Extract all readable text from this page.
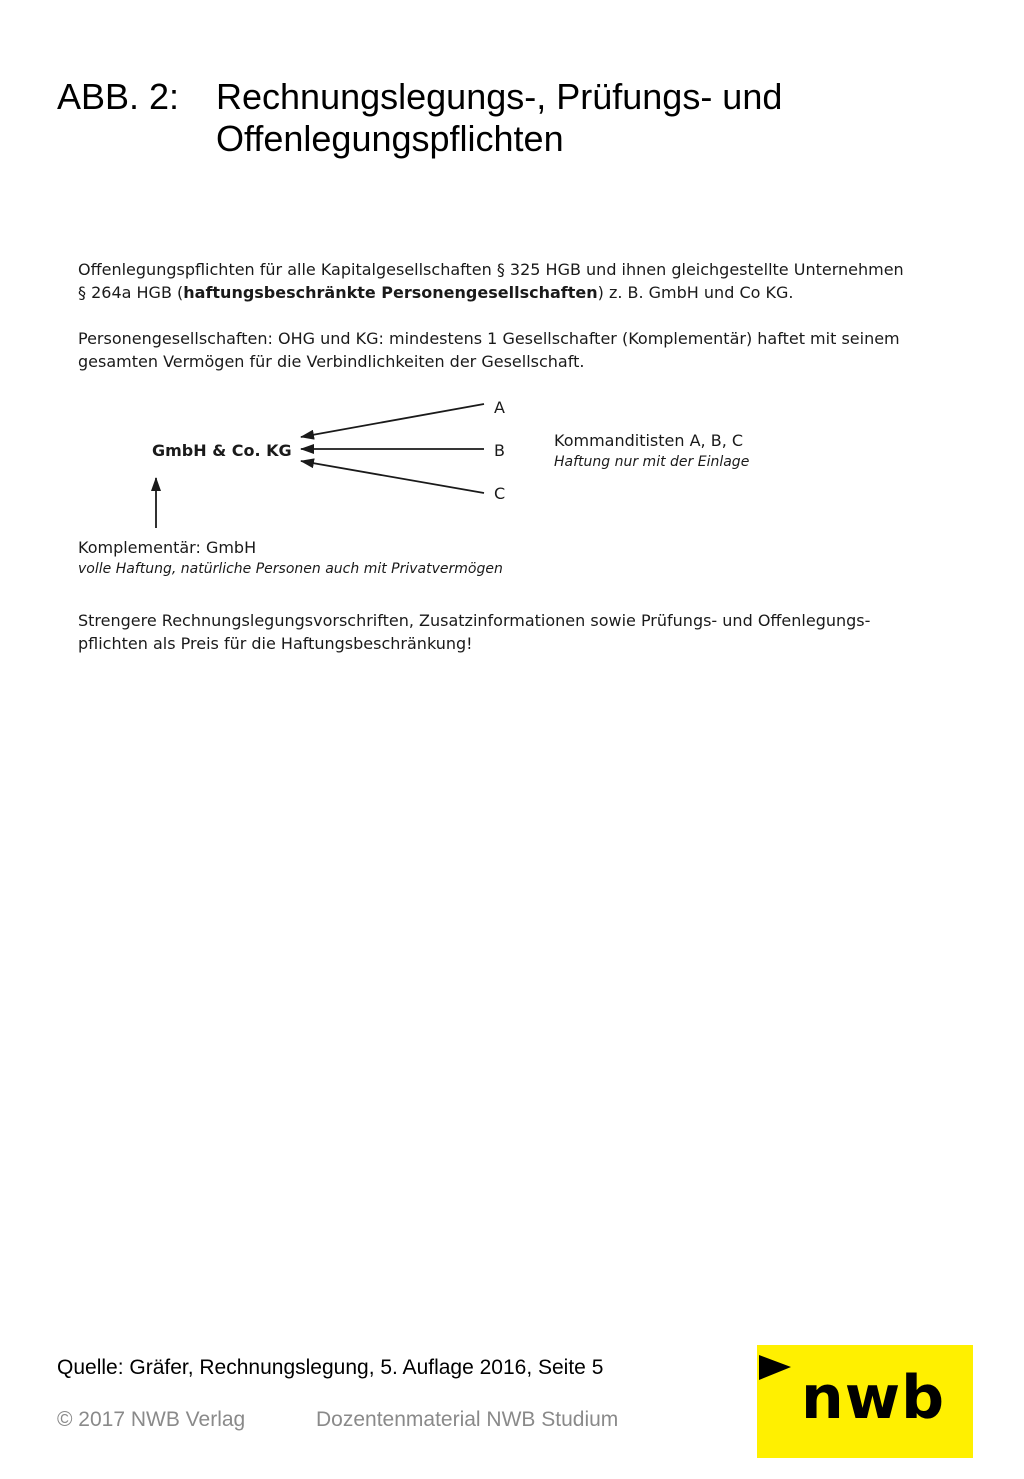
ABB. 2: Rechnungslegungs-, Prüfungs- und
Offenlegungspflichten
Offenlegungspflichten für alle Kapitalgesellschaften § 325 HGB und ihnen gleichgestellte Unternehmen
§ 264a HGB (haftungsbeschränkte Personengesellschaften) z. B. GmbH und Co KG.
Personengesellschaften: OHG und KG: mindestens 1 Gesellschafter (Komplementär) haftet mit seinem
gesamten Vermögen für die Verbindlichkeiten der Gesellschaft.
GmbH & Co. KG
A
B
C
Kommanditisten A, B, C
Haftung nur mit der Einlage
Komplementär: GmbH
volle Haftung, natürliche Personen auch mit Privatvermögen
Strengere Rechnungslegungsvorschriften, Zusatzinformationen sowie Prüfungs- und Offenlegungs-
pflichten als Preis für die Haftungsbeschränkung!
Quelle: Gräfer, Rechnungslegung, 5. Auflage 2016, Seite 5
© 2017 NWB Verlag	Dozentenmaterial NWB Studium	nwb
